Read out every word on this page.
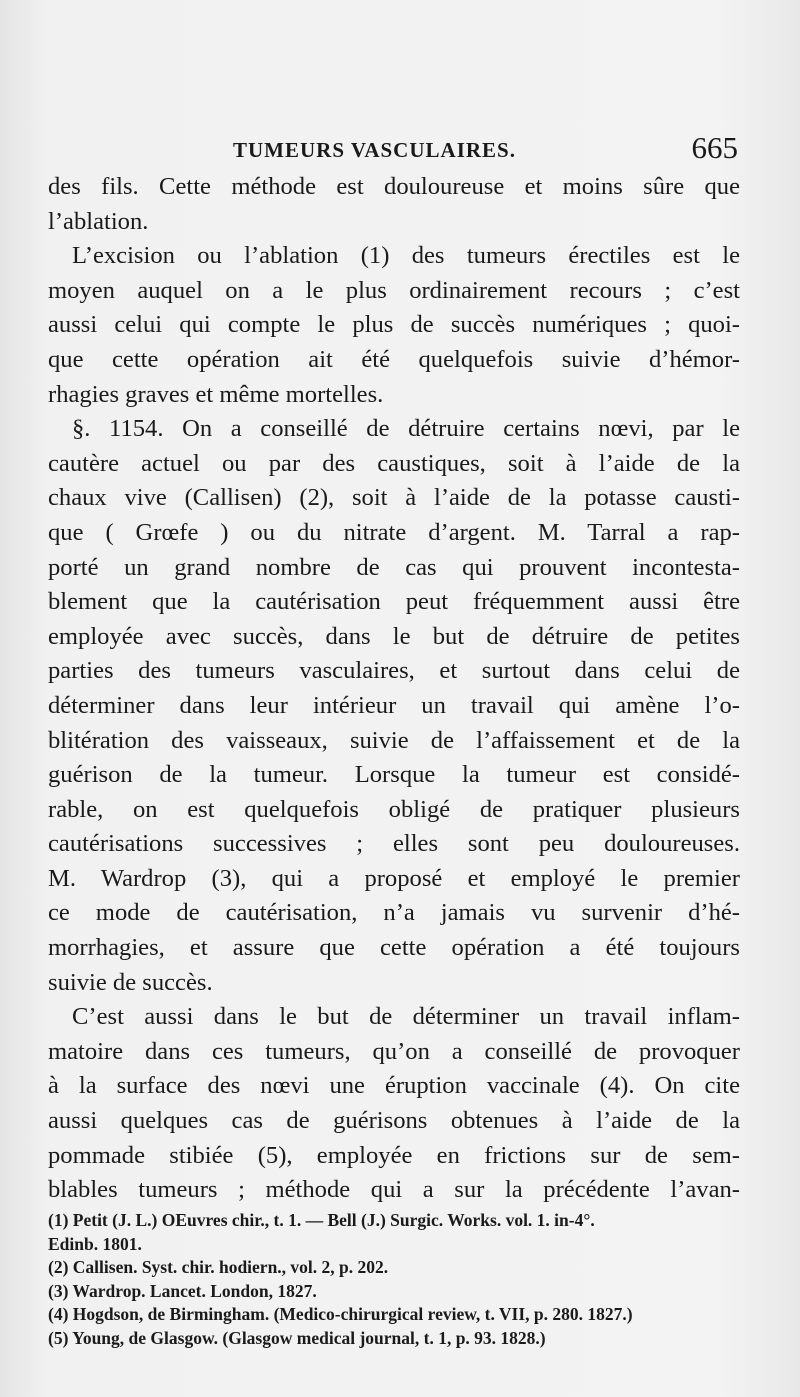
TUMEURS VASCULAIRES.	665
des fils. Cette méthode est douloureuse et moins sûre que
l’ablation.
L’excision ou l’ablation (1) des tumeurs érectiles est le
moyen auquel on a le plus ordinairement recours ; c’est
aussi celui qui compte le plus de succès numériques ; quoi-
que cette opération ait été quelquefois suivie d’hémor-
rhagies graves et même mortelles.
§. 1154. On a conseillé de détruire certains nœvi, par le
cautère actuel ou par des caustiques, soit à l’aide de la
chaux vive (Callisen) (2), soit à l’aide de la potasse causti-
que ( Grœfe ) ou du nitrate d’argent. M. Tarral a rap-
porté un grand nombre de cas qui prouvent incontesta-
blement que la cautérisation peut fréquemment aussi être
employée avec succès, dans le but de détruire de petites
parties des tumeurs vasculaires, et surtout dans celui de
déterminer dans leur intérieur un travail qui amène l’o-
blitération des vaisseaux, suivie de l’affaissement et de la
guérison de la tumeur. Lorsque la tumeur est considé-
rable, on est quelquefois obligé de pratiquer plusieurs
cautérisations successives ; elles sont peu douloureuses.
M. Wardrop (3), qui a proposé et employé le premier
ce mode de cautérisation, n’a jamais vu survenir d’hé-
morrhagies, et assure que cette opération a été toujours
suivie de succès.
C’est aussi dans le but de déterminer un travail inflam-
matoire dans ces tumeurs, qu’on a conseillé de provoquer
à la surface des nœvi une éruption vaccinale (4). On cite
aussi quelques cas de guérisons obtenues à l’aide de la
pommade stibiée (5), employée en frictions sur de sem-
blables tumeurs ; méthode qui a sur la précédente l’avan-
(1) Petit (J. L.) OEuvres chir., t. 1. — Bell (J.) Surgic. Works. vol. 1. in-4°.
Edinb. 1801.
(2) Callisen. Syst. chir. hodiern., vol. 2, p. 202.
(3) Wardrop. Lancet. London, 1827.
(4) Hogdson, de Birmingham. (Medico-chirurgical review, t. VII, p. 280. 1827.)
(5) Young, de Glasgow. (Glasgow medical journal, t. 1, p. 93. 1828.)
